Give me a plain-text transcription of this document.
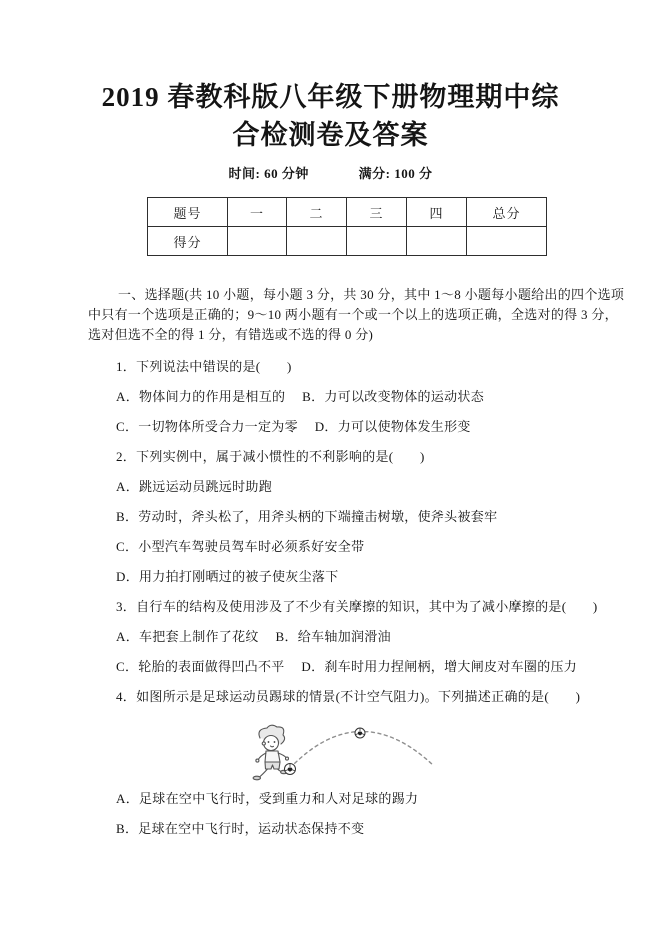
2019 春教科版八年级下册物理期中综
合检测卷及答案
时间: 60 分钟	满分: 100 分
题号	一	二	三	四	总分
得分					
一、选择题(共 10 小题，每小题 3 分，共 30 分，其中 1～8 小题每小题给出的四个选项
中只有一个选项是正确的；9～10 两小题有一个或一个以上的选项正确，全选对的得 3 分，
选对但选不全的得 1 分，有错选或不选的得 0 分)
1．下列说法中错误的是(　　)
A．物体间力的作用是相互的　 B．力可以改变物体的运动状态
C．一切物体所受合力一定为零　 D．力可以使物体发生形变
2．下列实例中，属于减小惯性的不利影响的是(　　)
A．跳远运动员跳远时助跑
B．劳动时，斧头松了，用斧头柄的下端撞击树墩，使斧头被套牢
C．小型汽车驾驶员驾车时必须系好安全带
D．用力拍打刚晒过的被子使灰尘落下
3．自行车的结构及使用涉及了不少有关摩擦的知识，其中为了减小摩擦的是(　　)
A．车把套上制作了花纹　 B．给车轴加润滑油
C．轮胎的表面做得凹凸不平　 D．刹车时用力捏闸柄，增大闸皮对车圈的压力
4．如图所示是足球运动员踢球的情景(不计空气阻力)。下列描述正确的是(　　)
A．足球在空中飞行时，受到重力和人对足球的踢力
B．足球在空中飞行时，运动状态保持不变
